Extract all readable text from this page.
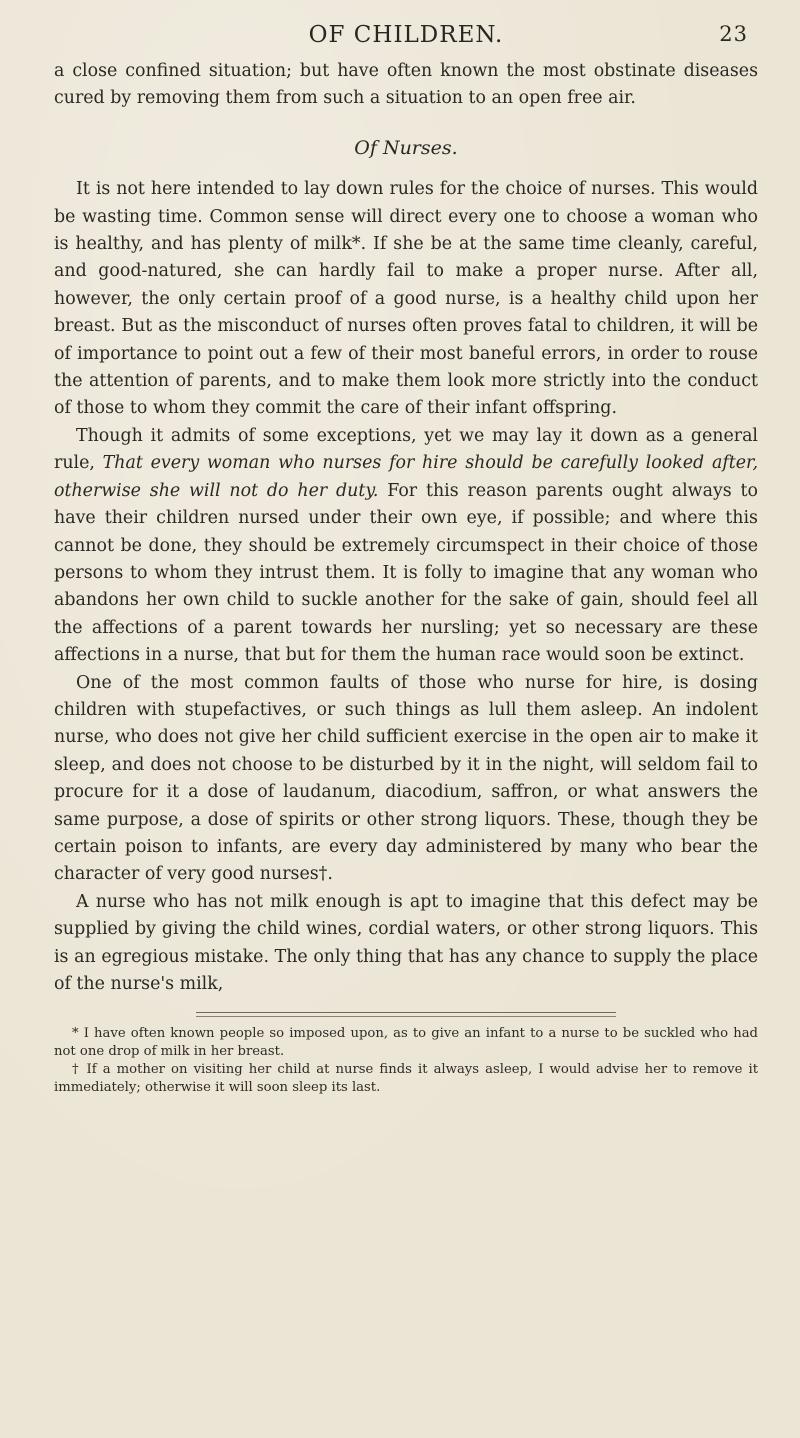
OF CHILDREN.	23

a close confined situation; but have often known the most obstinate diseases cured by removing them from such a situation to an open free air.

Of Nurses.

It is not here intended to lay down rules for the choice of nurses. This would be wasting time. Common sense will direct every one to choose a woman who is healthy, and has plenty of milk*. If she be at the same time cleanly, careful, and good-natured, she can hardly fail to make a proper nurse. After all, however, the only certain proof of a good nurse, is a healthy child upon her breast. But as the misconduct of nurses often proves fatal to children, it will be of importance to point out a few of their most baneful errors, in order to rouse the attention of parents, and to make them look more strictly into the conduct of those to whom they commit the care of their infant offspring.

Though it admits of some exceptions, yet we may lay it down as a general rule, That every woman who nurses for hire should be carefully looked after, otherwise she will not do her duty. For this reason parents ought always to have their children nursed under their own eye, if possible; and where this cannot be done, they should be extremely circumspect in their choice of those persons to whom they intrust them. It is folly to imagine that any woman who abandons her own child to suckle another for the sake of gain, should feel all the affections of a parent towards her nursling; yet so necessary are these affections in a nurse, that but for them the human race would soon be extinct.

One of the most common faults of those who nurse for hire, is dosing children with stupefactives, or such things as lull them asleep. An indolent nurse, who does not give her child sufficient exercise in the open air to make it sleep, and does not choose to be disturbed by it in the night, will seldom fail to procure for it a dose of laudanum, diacodium, saffron, or what answers the same purpose, a dose of spirits or other strong liquors. These, though they be certain poison to infants, are every day administered by many who bear the character of very good nurses†.

A nurse who has not milk enough is apt to imagine that this defect may be supplied by giving the child wines, cordial waters, or other strong liquors. This is an egregious mistake. The only thing that has any chance to supply the place of the nurse's milk,

* I have often known people so imposed upon, as to give an infant to a nurse to be suckled who had not one drop of milk in her breast.

† If a mother on visiting her child at nurse finds it always asleep, I would advise her to remove it immediately; otherwise it will soon sleep its last.
